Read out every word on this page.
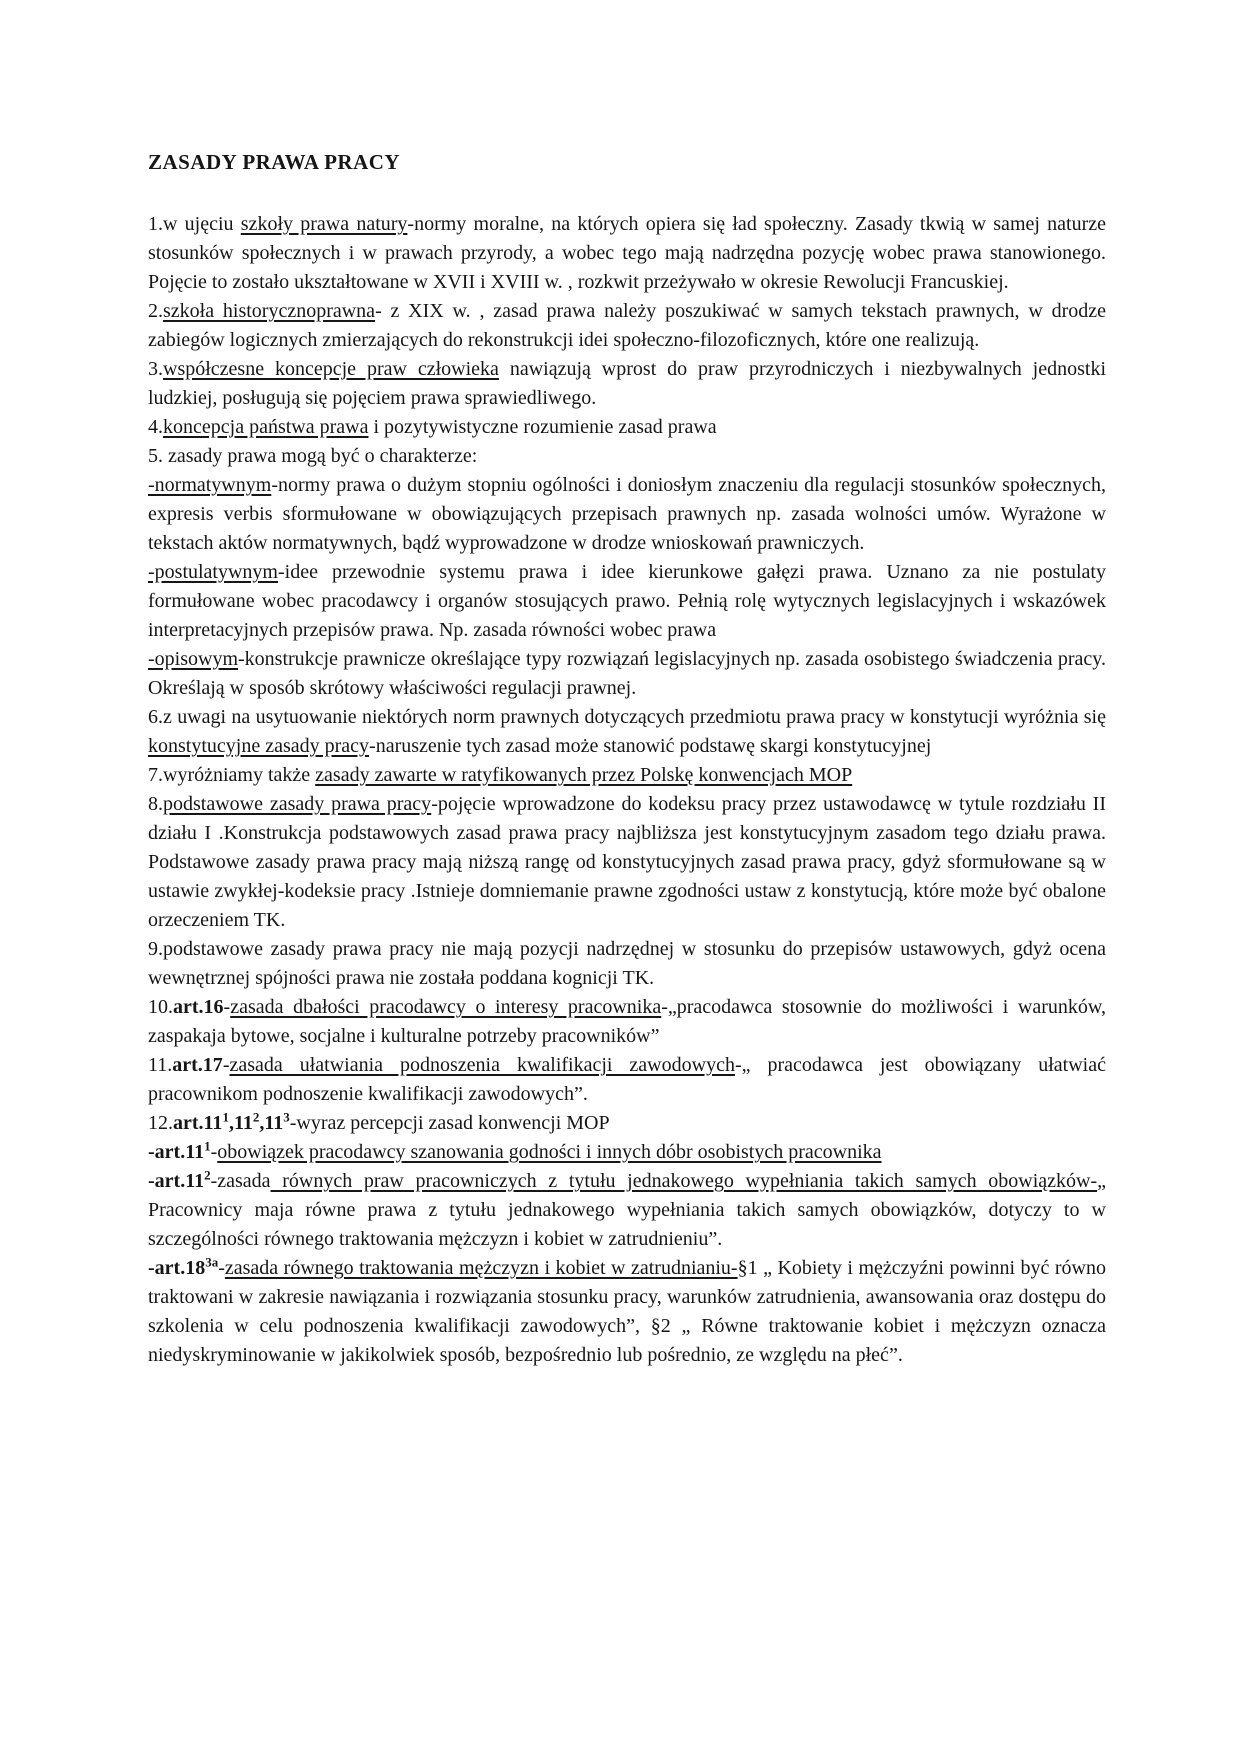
ZASADY PRAWA PRACY

1.w ujęciu szkoły prawa natury-normy moralne, na których opiera się ład społeczny. Zasady tkwią w samej naturze stosunków społecznych i w prawach przyrody, a wobec tego mają nadrzędna pozycję wobec prawa stanowionego. Pojęcie to zostało ukształtowane w XVII i XVIII w. , rozkwit przeżywało w okresie Rewolucji Francuskiej.

2.szkoła historycznoprawna- z XIX w. , zasad prawa należy poszukiwać w samych tekstach prawnych, w drodze zabiegów logicznych zmierzających do rekonstrukcji idei społeczno-filozoficznych, które one realizują.

3.współczesne koncepcje praw człowieka nawiązują wprost do praw przyrodniczych i niezbywalnych jednostki ludzkiej, posługują się pojęciem prawa sprawiedliwego.

4.koncepcja państwa prawa i pozytywistyczne rozumienie zasad prawa

5. zasady prawa mogą być o charakterze:

-normatywnym-normy prawa o dużym stopniu ogólności i doniosłym znaczeniu dla regulacji stosunków społecznych, expresis verbis sformułowane w obowiązujących przepisach prawnych np. zasada wolności umów. Wyrażone w tekstach aktów normatywnych, bądź wyprowadzone w drodze wnioskowań prawniczych.

-postulatywnym-idee przewodnie systemu prawa i idee kierunkowe gałęzi prawa. Uznano za nie postulaty formułowane wobec pracodawcy i organów stosujących prawo. Pełnią rolę wytycznych legislacyjnych i wskazówek interpretacyjnych przepisów prawa. Np. zasada równości wobec prawa

-opisowym-konstrukcje prawnicze określające typy rozwiązań legislacyjnych np. zasada osobistego świadczenia pracy. Określają w sposób skrótowy właściwości regulacji prawnej.

6.z uwagi na usytuowanie niektórych norm prawnych dotyczących przedmiotu prawa pracy w konstytucji wyróżnia się konstytucyjne zasady pracy-naruszenie tych zasad może stanowić podstawę skargi konstytucyjnej

7.wyróżniamy także zasady zawarte w ratyfikowanych przez Polskę konwencjach MOP

8.podstawowe zasady prawa pracy-pojęcie wprowadzone do kodeksu pracy przez ustawodawcę w tytule rozdziału II działu I .Konstrukcja podstawowych zasad prawa pracy najbliższa jest konstytucyjnym zasadom tego działu prawa. Podstawowe zasady prawa pracy mają niższą rangę od konstytucyjnych zasad prawa pracy, gdyż sformułowane są w ustawie zwykłej-kodeksie pracy .Istnieje domniemanie prawne zgodności ustaw z konstytucją, które może być obalone orzeczeniem TK.

9.podstawowe zasady prawa pracy nie mają pozycji nadrzędnej w stosunku do przepisów ustawowych, gdyż ocena wewnętrznej spójności prawa nie została poddana kognicji TK.

10.art.16-zasada dbałości pracodawcy o interesy pracownika-„pracodawca stosownie do możliwości i warunków, zaspakaja bytowe, socjalne i kulturalne potrzeby pracowników”

11.art.17-zasada ułatwiania podnoszenia kwalifikacji zawodowych-„ pracodawca jest obowiązany ułatwiać pracownikom podnoszenie kwalifikacji zawodowych”.

$12.art.11^1,11^2,11^3$-wyraz percepcji zasad konwencji MOP

$-art.11^1$-obowiązek pracodawcy szanowania godności i innych dóbr osobistych pracownika

$-art.11^2$-zasada równych praw pracowniczych z tytułu jednakowego wypełniania takich samych obowiązków-„ Pracownicy maja równe prawa z tytułu jednakowego wypełniania takich samych obowiązków, dotyczy to w szczególności równego traktowania mężczyzn i kobiet w zatrudnieniu”.

$-art.18^{3a}$-zasada równego traktowania mężczyzn i kobiet w zatrudnianiu-§1 „ Kobiety i mężczyźni powinni być równo traktowani w zakresie nawiązania i rozwiązania stosunku pracy, warunków zatrudnienia, awansowania oraz dostępu do szkolenia w celu podnoszenia kwalifikacji zawodowych”, §2 „ Równe traktowanie kobiet i mężczyzn oznacza niedyskryminowanie w jakikolwiek sposób, bezpośrednio lub pośrednio, ze względu na płeć”.
